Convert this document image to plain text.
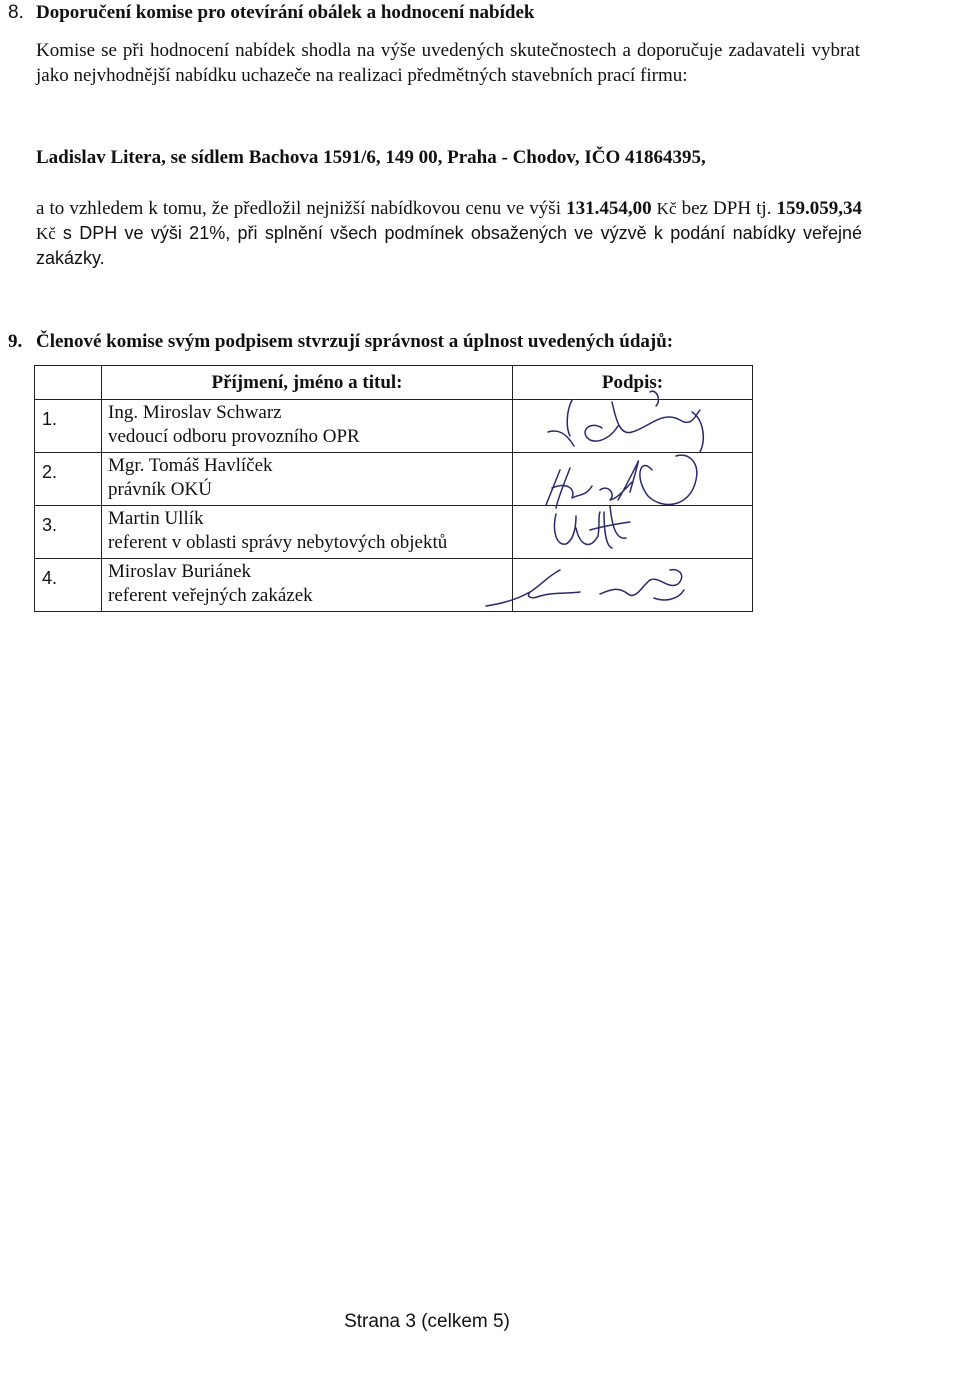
8. Doporučení komise pro otevírání obálek a hodnocení nabídek
Komise se při hodnocení nabídek shodla na výše uvedených skutečnostech a doporučuje zadavateli vybrat jako nejvhodnější nabídku uchazeče na realizaci předmětných stavebních prací firmu:
Ladislav Litera, se sídlem Bachova 1591/6, 149 00, Praha - Chodov, IČO 41864395,
a to vzhledem k tomu, že předložil nejnižší nabídkovou cenu ve výši 131.454,00 Kč bez DPH tj. 159.059,34 Kč s DPH ve výši 21%, při splnění všech podmínek obsažených ve výzvě k podání nabídky veřejné zakázky.
9. Členové komise svým podpisem stvrzují správnost a úplnost uvedených údajů:
	Příjmení, jméno a titul:	Podpis:
1.	Ing. Miroslav Schwarz
vedoucí odboru provozního OPR	

2.	Mgr. Tomáš Havlíček
právník OKÚ	

3.	Martin Ullík
referent v oblasti správy nebytových objektů	

4.	Miroslav Buriánek
referent veřejných zakázek	

Strana 3 (celkem 5)
